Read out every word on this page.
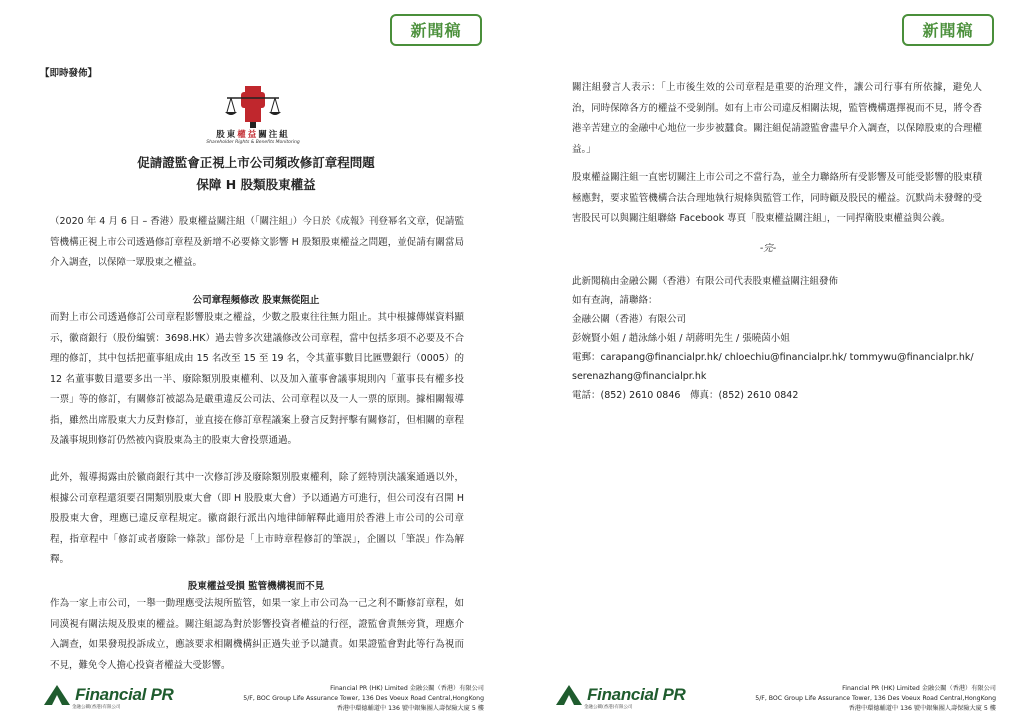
新聞稿
【即時發佈】
股東權益關注組
Shareholder Rights & Benefits Monitoring
促請證監會正視上市公司頻改修訂章程問題
保障 H 股類股東權益
（2020 年 4 月 6 日 – 香港）股東權益關注組（「關注組」）今日於《成報》刊登幂名文章，促請監管機構正視上市公司透過修訂章程及新增不必要條文影響 H 股類股東權益之問題，並促請有關當局介入調查，以保障一眾股東之權益。
公司章程頻修改 股東無從阻止
而對上市公司透過修訂公司章程影響股東之權益，少數之股東往往無力阻止。其中根據傳媒資料顯示，徽商銀行（股份編號：3698.HK）過去曾多次建議修改公司章程，當中包括多項不必要及不合理的修訂，其中包括把董事組成由 15 名改至 15 至 19 名，令其董事數目比匯豐銀行（0005）的 12 名董事數目還要多出一半、廢除類別股東權利、以及加入董事會議事規則內「董事長有權多投一票」等的修訂，有關修訂被認為是嚴重違反公司法、公司章程以及一人一票的原則。據相關報導指，雖然出席股東大力反對修訂，並直接在修訂章程議案上發言反對抨擊有關修訂，但相關的章程及議事規則修訂仍然被內資股東為主的股東大會投票通過。
此外，報導揭露由於徽商銀行其中一次修訂涉及廢除類別股東權利，除了經特別決議案通過以外，根據公司章程還須要召開類別股東大會（即 H 股股東大會）予以通過方可進行，但公司沒有召開 H 股股東大會，理應已違反章程規定。徽商銀行派出內地律師解釋此適用於香港上市公司的公司章程，指章程中「修訂或者廢除一條款」部份是「上市時章程修訂的筆誤」，企圖以「筆誤」作為解釋。
股東權益受損 監管機構視而不見
作為一家上市公司，一舉一動理應受法規所監管，如果一家上市公司為一己之利不斷修訂章程，如同漠視有關法規及股東的權益。關注組認為對於影響投資者權益的行徑，證監會責無旁貸，理應介入調查，如果發現投訴成立，應該要求相關機構糾正過失並予以譴責。如果證監會對此等行為視而不見，難免令人擔心投資者權益大受影響。
Financial PR
金融公關(香港)有限公司
Financial PR (HK) Limited 金融公關（香港）有限公司
5/F, BOC Group Life Assurance Tower, 136 Des Voeux Road Central,HongKong
香港中環德輔道中 136 號中銀集團人壽保險大廈 5 樓
新聞稿
關注組發言人表示：「上市後生效的公司章程是重要的治理文件，讓公司行事有所依據，避免人治，同時保障各方的權益不受剝削。如有上市公司違反相關法規，監管機構選擇視而不見，將令香港辛苦建立的金融中心地位一步步被蠶食。關注組促請證監會盡早介入調查，以保障股東的合理權益。」
股東權益關注組一直密切關注上市公司之不當行為，並全力聯絡所有受影響及可能受影響的股東積極應對，要求監管機構合法合理地執行規條與監管工作，同時顧及股民的權益。沉默尚未發聲的受害股民可以與關注組聯絡 Facebook 專頁「股東權益關注組」，一同捍衛股東權益與公義。
-完-
此新聞稿由金融公關（香港）有限公司代表股東權益關注組發佈
如有查詢，請聯絡：
金融公關（香港）有限公司
彭婉賢小姐 / 趙泳絲小姐 / 胡蔣明先生 / 張曉茵小姐
電郵：carapang@financialpr.hk/ chloechiu@financialpr.hk/ tommywu@financialpr.hk/
serenazhang@financialpr.hk
電話：(852) 2610 0846　傳真：(852) 2610 0842
Financial PR
金融公關(香港)有限公司
Financial PR (HK) Limited 金融公關（香港）有限公司
5/F, BOC Group Life Assurance Tower, 136 Des Voeux Road Central,HongKong
香港中環德輔道中 136 號中銀集團人壽保險大廈 5 樓
